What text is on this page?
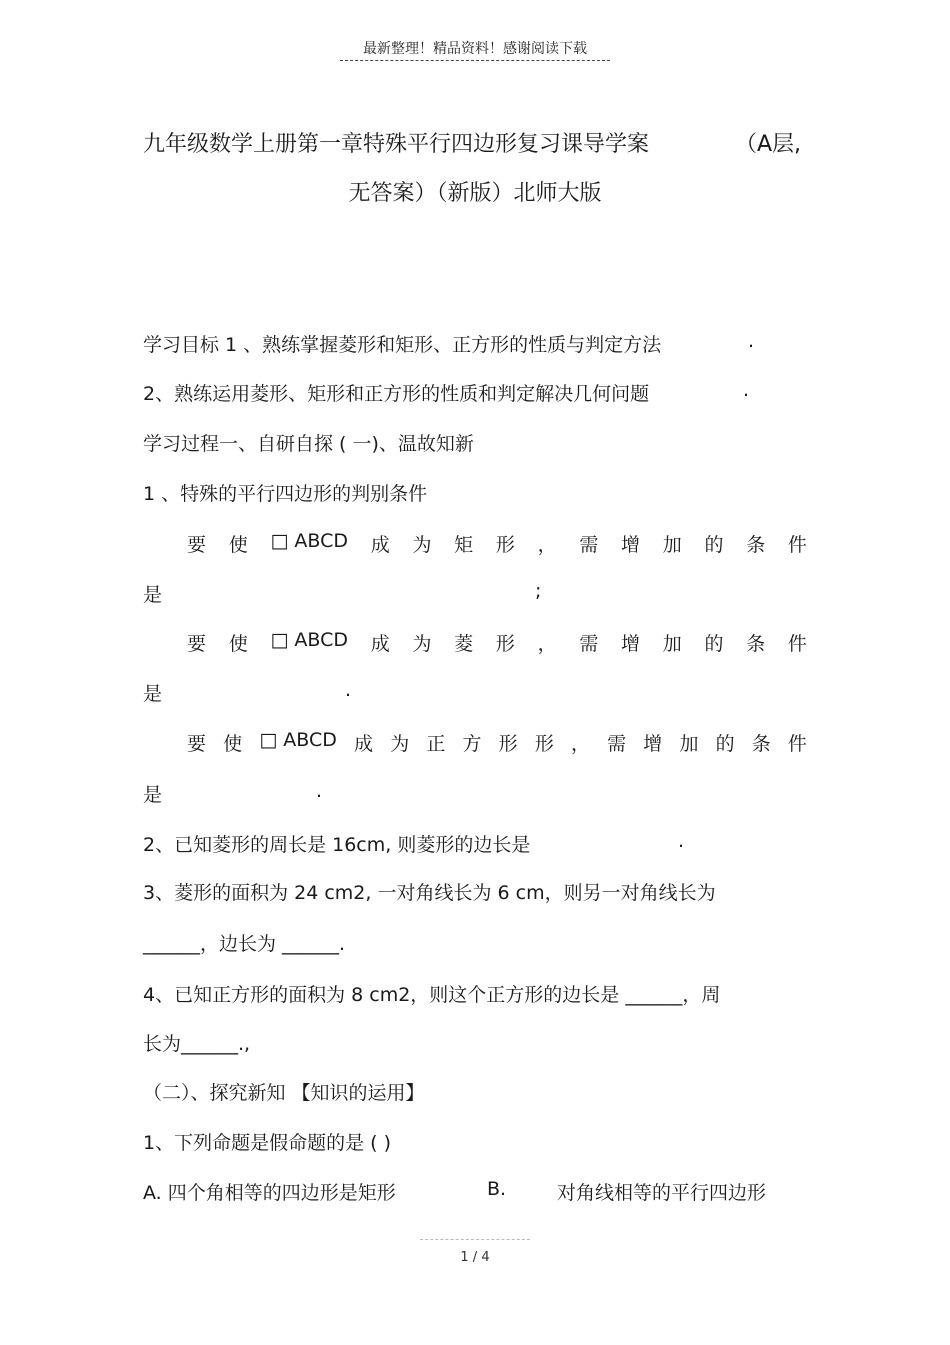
最新整理！精品资料！感谢阅读下载
九年级数学上册第一章特殊平行四边形复习课导学案	（A层,
无答案）（新版）北师大版
学习目标 1 、熟练掌握菱形和矩形、正方形的性质与判定方法	.
2、熟练运用菱形、矩形和正方形的性质和判定解决几何问题	.
学习过程一、自研自探 ( 一)、温故知新
1 、特殊的平行四边形的判别条件
要 使 □ ABCD 成 为 矩 形 ， 需 增 加 的 条 件
是	;
要 使 □ ABCD 成 为 菱 形 ， 需 增 加 的 条 件
是	.
要 使 □ ABCD 成 为 正 方 形 形 ， 需 增 加 的 条 件
是	.
2、已知菱形的周长是 16cm, 则菱形的边长是	.
3、菱形的面积为 24 cm2, 一对角线长为 6 cm，则另一对角线长为
______，边长为 ______.
4、已知正方形的面积为 8 cm2，则这个正方形的边长是 ______，周
长为______.,
（二）、探究新知 【知识的运用】
1、下列命题是假命题的是 ( )
A. 四个角相等的四边形是矩形	B.	对角线相等的平行四边形
1 / 4
